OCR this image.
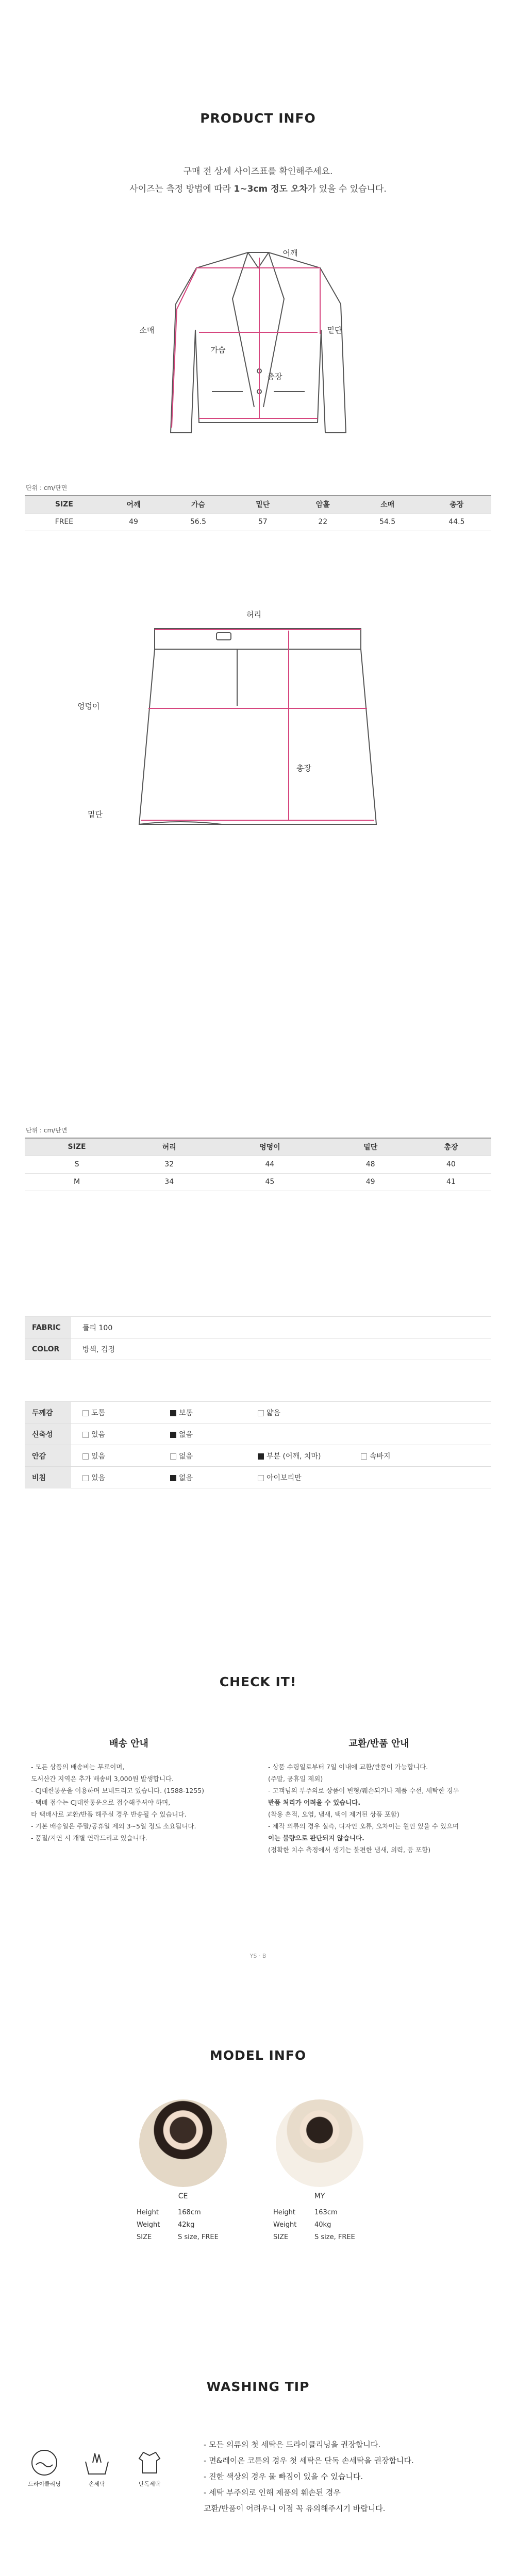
PRODUCT INFO
구매 전 상세 사이즈표를 확인해주세요.
사이즈는 측정 방법에 따라 1~3cm 정도 오차가 있을 수 있습니다.
어깨
소매
가슴
밑단
총장
단위 : cm/단면
SIZE	어깨	가슴	밑단	암홀	소매	총장
FREE	49	56.5	57	22	54.5	44.5
허리
엉덩이
밑단
총장
단위 : cm/단면
SIZE	허리	엉덩이	밑단	총장
S	32	44	48	40
M	34	45	49	41
FABRIC	폴리 100
COLOR	방색, 검정
두께감	도톰 보통 얇음
신축성	있음 없음
안감	있음 없음 부분 (어깨, 치마) 속바지
비침	있음 없음 아이보리만
CHECK IT!
배송 안내

- 모든 상품의 배송비는 무료이며,

도서산간 지역은 추가 배송비 3,000원 발생합니다.

- CJ대한통운을 이용하며 보내드리고 있습니다. (1588-1255)

- 택배 접수는 CJ대한통운으로 접수해주셔야 하며,

타 택배사로 교환/반품 해주실 경우 반송될 수 있습니다.

- 기본 배송일은 주말/공휴일 제외 3~5일 정도 소요됩니다.

- 품절/지연 시 개별 연락드리고 있습니다.

교환/반품 안내

- 상품 수령일로부터 7일 이내에 교환/반품이 가능합니다.

(주말, 공휴일 제외)

- 고객님의 부주의로 상품이 변형/훼손되거나 제품 수선, 세탁한 경우

반품 처리가 어려울 수 있습니다.

(착용 흔적, 오염, 냄새, 택이 제거된 상품 포함)

- 제작 의류의 경우 실측, 디자인 오류, 오차이는 원인 있을 수 있으며

이는 불량으로 판단되지 않습니다.

(정확한 치수 측정에서 생기는 불편한 냄새, 외력, 등 포함)

YS · B
MODEL INFO
CE
Height	168cm
Weight	42kg
SIZE	S size, FREE
MY
Height	163cm
Weight	40kg
SIZE	S size, FREE
WASHING TIP
드라이클리닝	손세탁	단독세탁
- 모든 의류의 첫 세탁은 드라이클리닝을 권장합니다.
- 면&레이온 코튼의 경우 첫 세탁은 단독 손세탁을 권장합니다.
- 진한 색상의 경우 물 빠짐이 있을 수 있습니다.
- 세탁 부주의로 인해 제품의 훼손된 경우
교환/반품이 어려우니 이점 꼭 유의해주시기 바랍니다.
